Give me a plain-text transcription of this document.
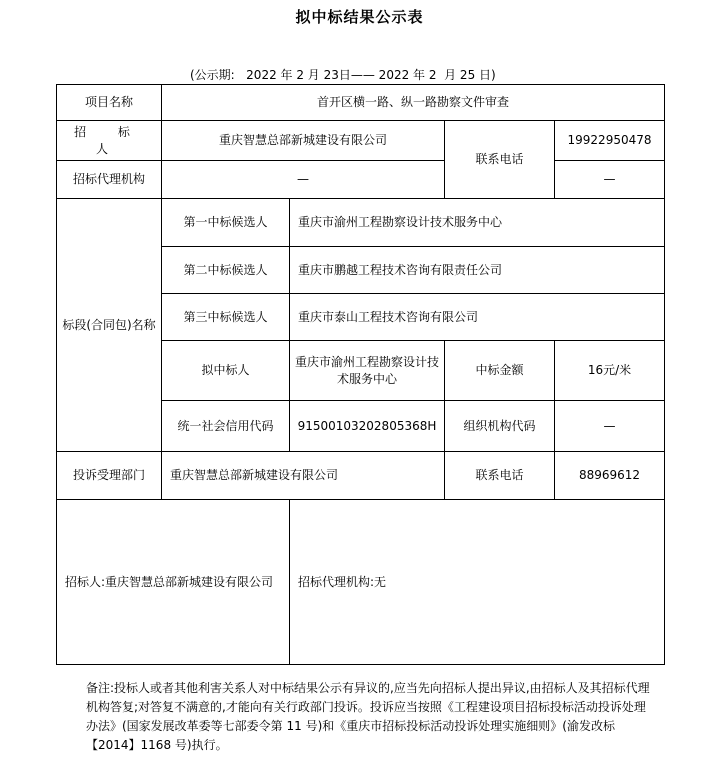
拟中标结果公示表
(公示期:   2022 年 2 月 23日—— 2022 年 2  月 25 日)
项目名称	首开区横一路、纵一路勘察文件审查			
招 标 人	重庆智慧总部新城建设有限公司		联系电话	19922950478
招标代理机构	—			—
标段(合同包)名称	第一中标候选人	重庆市渝州工程勘察设计技术服务中心		
	第二中标候选人	重庆市鹏越工程技术咨询有限责任公司		
	第三中标候选人	重庆市泰山工程技术咨询有限公司		
	拟中标人	重庆市渝州工程勘察设计技术服务中心	中标金额	16元/米
	统一社会信用代码	91500103202805368H	组织机构代码	—
投诉受理部门	重庆智慧总部新城建设有限公司		联系电话	88969612
招标人:重庆智慧总部新城建设有限公司		招标代理机构:无		
备注:投标人或者其他利害关系人对中标结果公示有异议的,应当先向招标人提出异议,由招标人及其招标代理机构答复;对答复不满意的,才能向有关行政部门投诉。投诉应当按照《工程建设项目招标投标活动投诉处理办法》(国家发展改革委等七部委令第 11 号)和《重庆市招标投标活动投诉处理实施细则》(渝发改标【2014】1168 号)执行。
